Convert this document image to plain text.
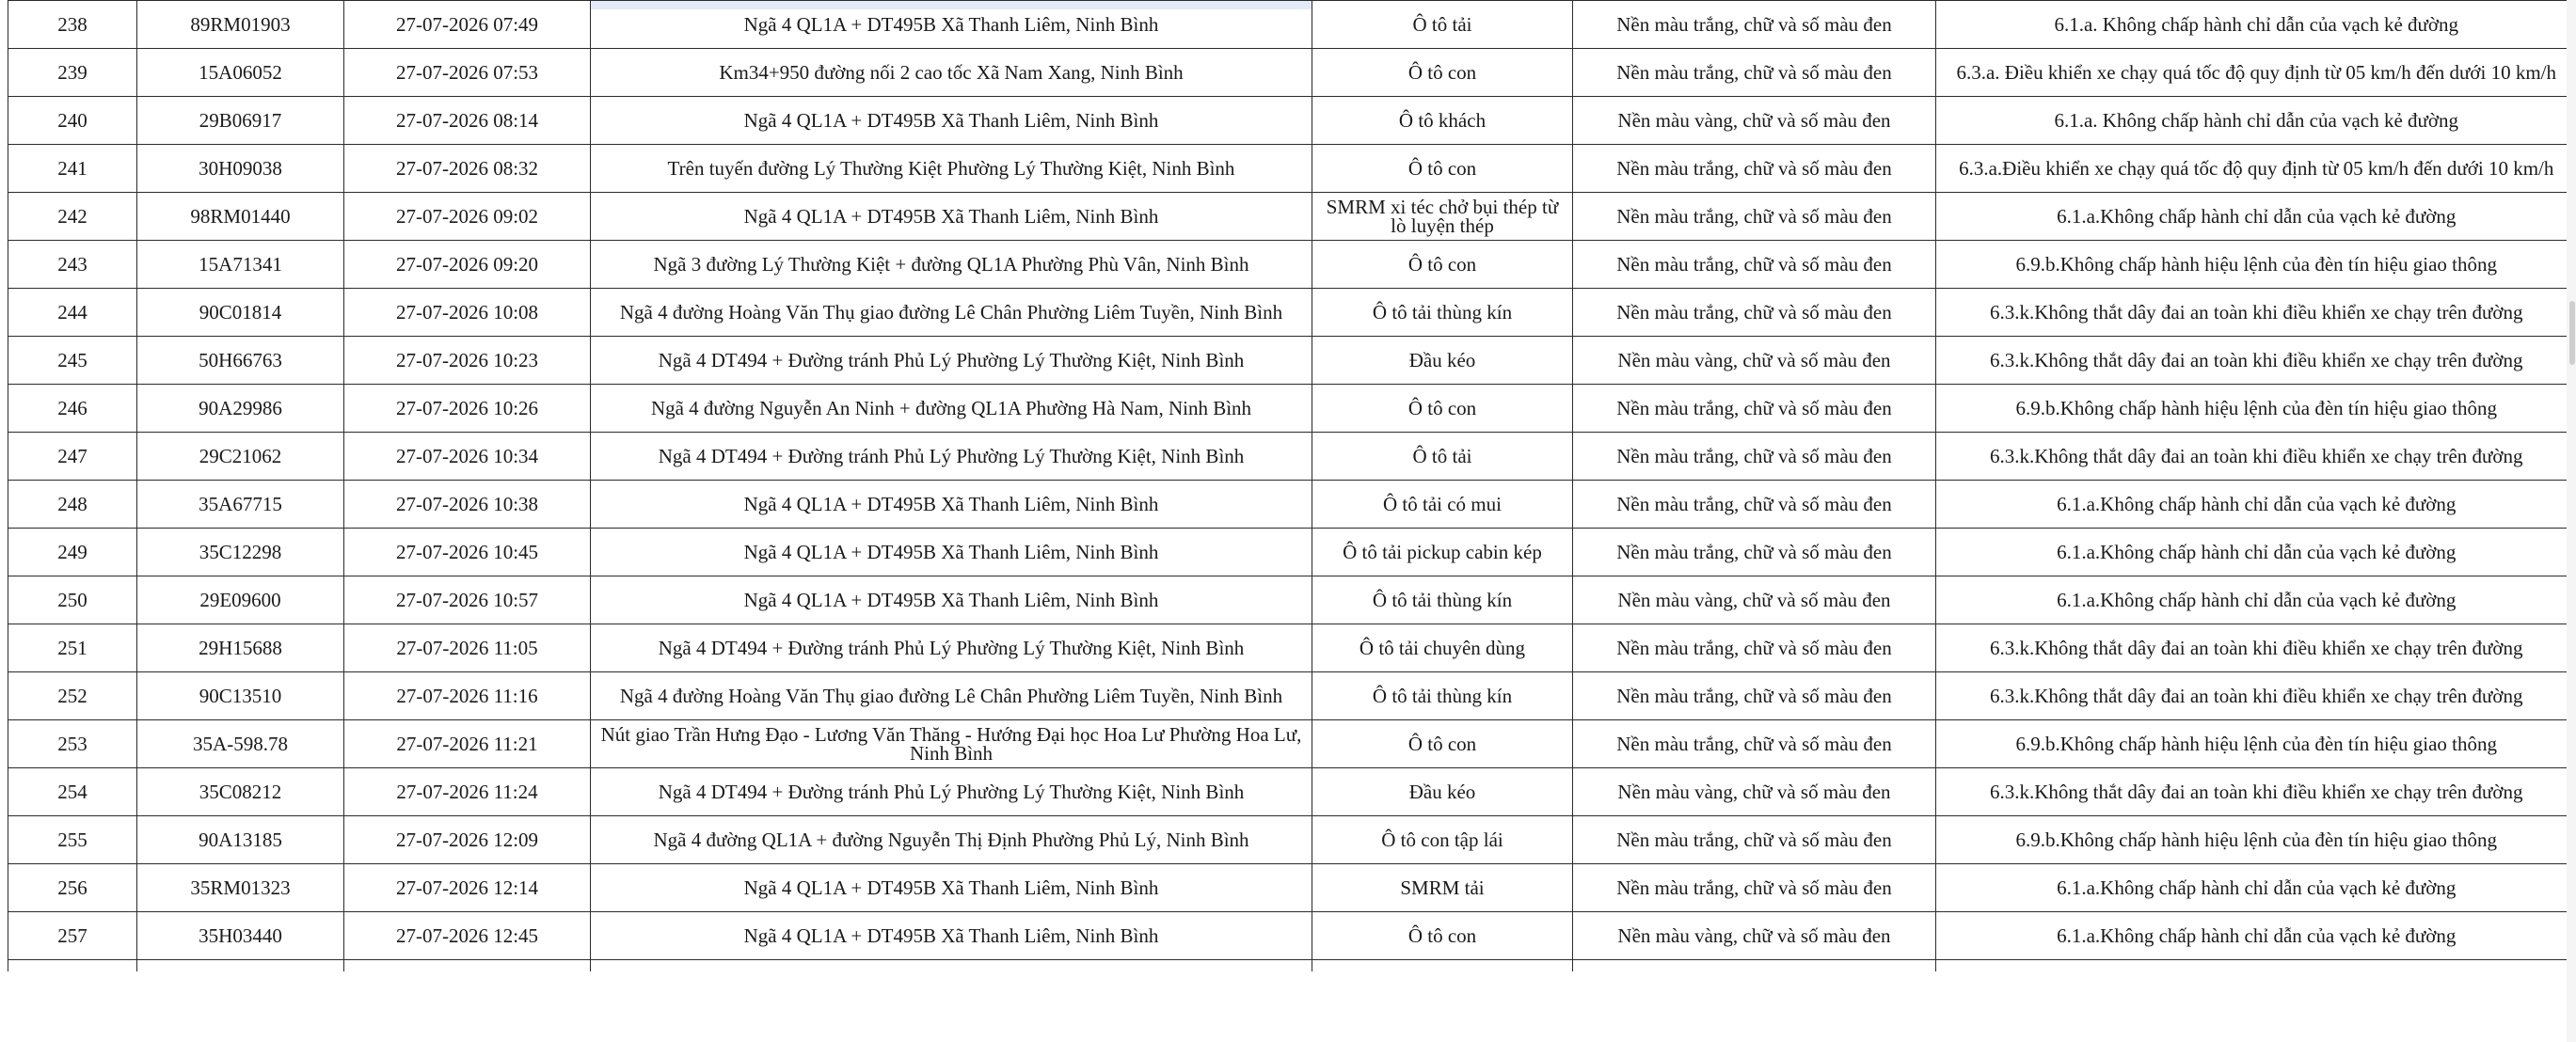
238	89RM01903	27-07-2026 07:49	Ngã 4 QL1A + DT495B Xã Thanh Liêm, Ninh Bình	Ô tô tải	Nền màu trắng, chữ và số màu đen	6.1.a. Không chấp hành chỉ dẫn của vạch kẻ đường
239	15A06052	27-07-2026 07:53	Km34+950 đường nối 2 cao tốc Xã Nam Xang, Ninh Bình	Ô tô con	Nền màu trắng, chữ và số màu đen	6.3.a. Điều khiển xe chạy quá tốc độ quy định từ 05 km/h đến dưới 10 km/h
240	29B06917	27-07-2026 08:14	Ngã 4 QL1A + DT495B Xã Thanh Liêm, Ninh Bình	Ô tô khách	Nền màu vàng, chữ và số màu đen	6.1.a. Không chấp hành chỉ dẫn của vạch kẻ đường
241	30H09038	27-07-2026 08:32	Trên tuyến đường Lý Thường Kiệt Phường Lý Thường Kiệt, Ninh Bình	Ô tô con	Nền màu trắng, chữ và số màu đen	6.3.a.Điều khiển xe chạy quá tốc độ quy định từ 05 km/h đến dưới 10 km/h
242	98RM01440	27-07-2026 09:02	Ngã 4 QL1A + DT495B Xã Thanh Liêm, Ninh Bình	SMRM xi téc chở bụi thép từ lò luyện thép	Nền màu trắng, chữ và số màu đen	6.1.a.Không chấp hành chỉ dẫn của vạch kẻ đường
243	15A71341	27-07-2026 09:20	Ngã 3 đường Lý Thường Kiệt + đường QL1A Phường Phù Vân, Ninh Bình	Ô tô con	Nền màu trắng, chữ và số màu đen	6.9.b.Không chấp hành hiệu lệnh của đèn tín hiệu giao thông
244	90C01814	27-07-2026 10:08	Ngã 4 đường Hoàng Văn Thụ giao đường Lê Chân Phường Liêm Tuyền, Ninh Bình	Ô tô tải thùng kín	Nền màu trắng, chữ và số màu đen	6.3.k.Không thắt dây đai an toàn khi điều khiển xe chạy trên đường
245	50H66763	27-07-2026 10:23	Ngã 4 DT494 + Đường tránh Phủ Lý Phường Lý Thường Kiệt, Ninh Bình	Đầu kéo	Nền màu vàng, chữ và số màu đen	6.3.k.Không thắt dây đai an toàn khi điều khiển xe chạy trên đường
246	90A29986	27-07-2026 10:26	Ngã 4 đường Nguyễn An Ninh + đường QL1A Phường Hà Nam, Ninh Bình	Ô tô con	Nền màu trắng, chữ và số màu đen	6.9.b.Không chấp hành hiệu lệnh của đèn tín hiệu giao thông
247	29C21062	27-07-2026 10:34	Ngã 4 DT494 + Đường tránh Phủ Lý Phường Lý Thường Kiệt, Ninh Bình	Ô tô tải	Nền màu trắng, chữ và số màu đen	6.3.k.Không thắt dây đai an toàn khi điều khiển xe chạy trên đường
248	35A67715	27-07-2026 10:38	Ngã 4 QL1A + DT495B Xã Thanh Liêm, Ninh Bình	Ô tô tải có mui	Nền màu trắng, chữ và số màu đen	6.1.a.Không chấp hành chỉ dẫn của vạch kẻ đường
249	35C12298	27-07-2026 10:45	Ngã 4 QL1A + DT495B Xã Thanh Liêm, Ninh Bình	Ô tô tải pickup cabin kép	Nền màu trắng, chữ và số màu đen	6.1.a.Không chấp hành chỉ dẫn của vạch kẻ đường
250	29E09600	27-07-2026 10:57	Ngã 4 QL1A + DT495B Xã Thanh Liêm, Ninh Bình	Ô tô tải thùng kín	Nền màu vàng, chữ và số màu đen	6.1.a.Không chấp hành chỉ dẫn của vạch kẻ đường
251	29H15688	27-07-2026 11:05	Ngã 4 DT494 + Đường tránh Phủ Lý Phường Lý Thường Kiệt, Ninh Bình	Ô tô tải chuyên dùng	Nền màu trắng, chữ và số màu đen	6.3.k.Không thắt dây đai an toàn khi điều khiển xe chạy trên đường
252	90C13510	27-07-2026 11:16	Ngã 4 đường Hoàng Văn Thụ giao đường Lê Chân Phường Liêm Tuyền, Ninh Bình	Ô tô tải thùng kín	Nền màu trắng, chữ và số màu đen	6.3.k.Không thắt dây đai an toàn khi điều khiển xe chạy trên đường
253	35A-598.78	27-07-2026 11:21	Nút giao Trần Hưng Đạo - Lương Văn Thăng - Hướng Đại học Hoa Lư Phường Hoa Lư, Ninh Bình	Ô tô con	Nền màu trắng, chữ và số màu đen	6.9.b.Không chấp hành hiệu lệnh của đèn tín hiệu giao thông
254	35C08212	27-07-2026 11:24	Ngã 4 DT494 + Đường tránh Phủ Lý Phường Lý Thường Kiệt, Ninh Bình	Đầu kéo	Nền màu vàng, chữ và số màu đen	6.3.k.Không thắt dây đai an toàn khi điều khiển xe chạy trên đường
255	90A13185	27-07-2026 12:09	Ngã 4 đường QL1A + đường Nguyễn Thị Định Phường Phủ Lý, Ninh Bình	Ô tô con tập lái	Nền màu trắng, chữ và số màu đen	6.9.b.Không chấp hành hiệu lệnh của đèn tín hiệu giao thông
256	35RM01323	27-07-2026 12:14	Ngã 4 QL1A + DT495B Xã Thanh Liêm, Ninh Bình	SMRM tải	Nền màu trắng, chữ và số màu đen	6.1.a.Không chấp hành chỉ dẫn của vạch kẻ đường
257	35H03440	27-07-2026 12:45	Ngã 4 QL1A + DT495B Xã Thanh Liêm, Ninh Bình	Ô tô con	Nền màu vàng, chữ và số màu đen	6.1.a.Không chấp hành chỉ dẫn của vạch kẻ đường
